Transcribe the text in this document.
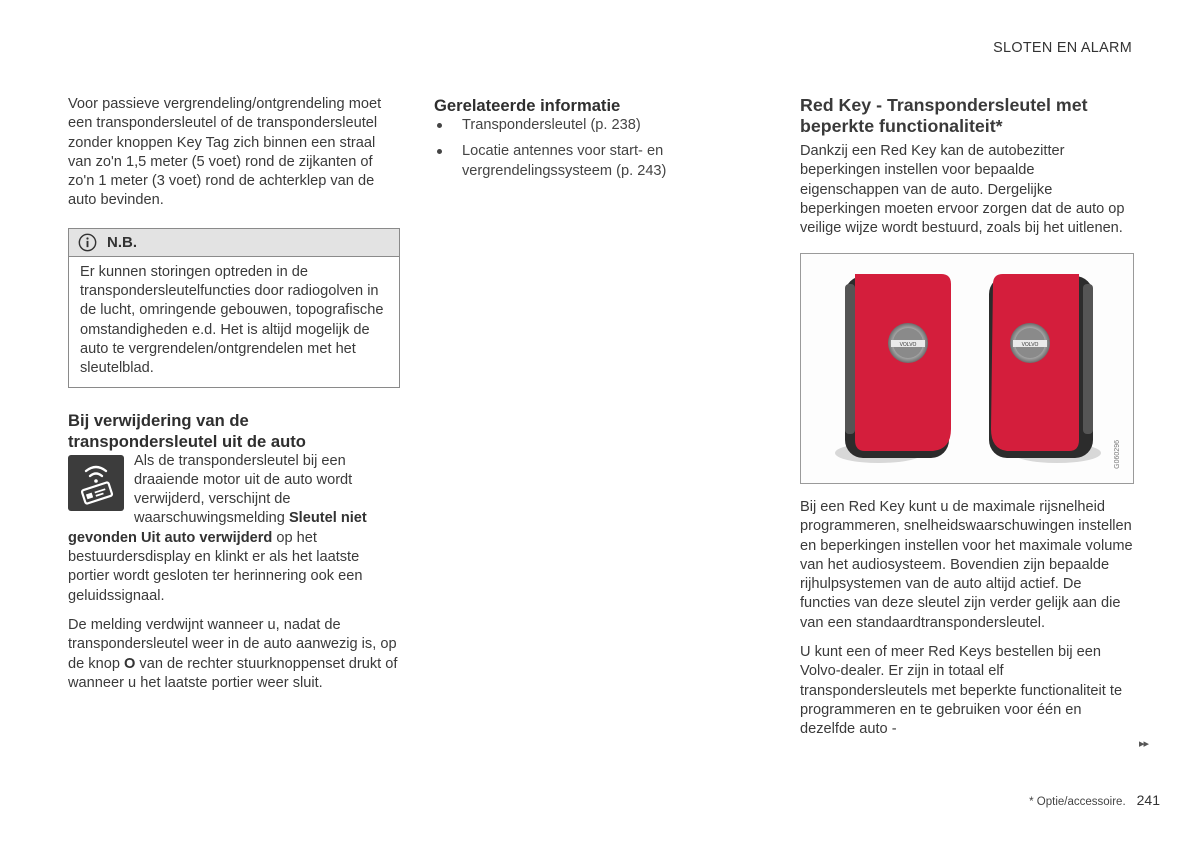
SLOTEN EN ALARM

Voor passieve vergrendeling/ontgrendeling moet een transpondersleutel of de transpondersleutel zonder knoppen Key Tag zich binnen een straal van zo'n 1,5 meter (5 voet) rond de zijkanten of zo'n 1 meter (3 voet) rond de achterklep van de auto bevinden.

N.B.

Er kunnen storingen optreden in de transpondersleutelfuncties door radiogolven in de lucht, omringende gebouwen, topografische omstandigheden e.d. Het is altijd mogelijk de auto te vergrendelen/ontgrendelen met het sleutelblad.

Bij verwijdering van de transpondersleutel uit de auto

Als de transpondersleutel bij een draaiende motor uit de auto wordt verwijderd, verschijnt de waarschuwingsmelding Sleutel niet gevonden Uit auto verwijderd op het bestuurdersdisplay en klinkt er als het laatste portier wordt gesloten ter herinnering ook een geluidssignaal.

De melding verdwijnt wanneer u, nadat de transpondersleutel weer in de auto aanwezig is, op de knop O van de rechter stuurknoppenset drukt of wanneer u het laatste portier weer sluit.

Gerelateerde informatie
Transpondersleutel (p. 238)
Locatie antennes voor start- en vergrendelingssysteem (p. 243)
Red Key - Transpondersleutel met beperkte functionaliteit*

Dankzij een Red Key kan de autobezitter beperkingen instellen voor bepaalde eigenschappen van de auto. Dergelijke beperkingen moeten ervoor zorgen dat de auto op veilige wijze wordt bestuurd, zoals bij het uitlenen.

VOLVO	VOLVO
G060296

Bij een Red Key kunt u de maximale rijsnelheid programmeren, snelheidswaarschuwingen instellen en beperkingen instellen voor het maximale volume van het audiosysteem. Bovendien zijn bepaalde rijhulpsystemen van de auto altijd actief. De functies van deze sleutel zijn verder gelijk aan die van een standaardtranspondersleutel.

U kunt een of meer Red Keys bestellen bij een Volvo-dealer. Er zijn in totaal elf transpondersleutels met beperkte functionaliteit te programmeren en te gebruiken voor één en dezelfde auto -

▸▸
* Optie/accessoire. 241
